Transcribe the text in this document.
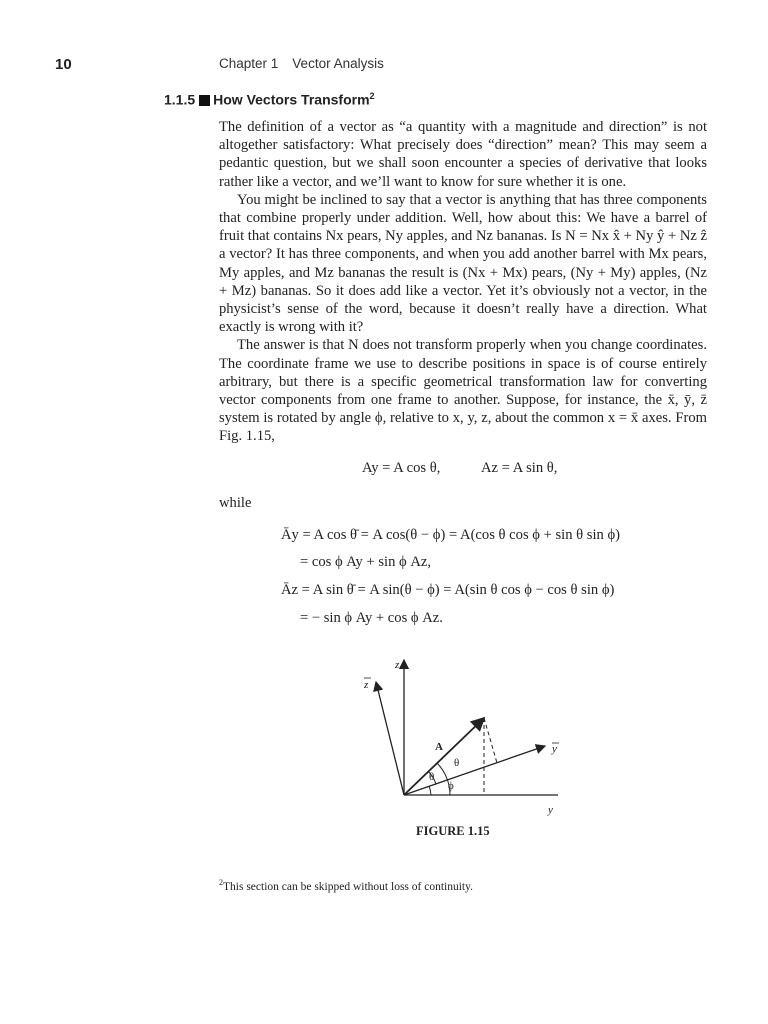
10	Chapter 1 Vector Analysis
1.1.5 How Vectors Transform$^2$

The definition of a vector as “a quantity with a magnitude and direction” is not altogether satisfactory: What precisely does “direction” mean? This may seem a pedantic question, but we shall soon encounter a species of derivative that looks rather like a vector, and we’ll want to know for sure whether it is one.

You might be inclined to say that a vector is anything that has three components that combine properly under addition. Well, how about this: We have a barrel of fruit that contains Nx pears, Ny apples, and Nz bananas. Is N = Nx x̂ + Ny ŷ + Nz ẑ a vector? It has three components, and when you add another barrel with Mx pears, My apples, and Mz bananas the result is (Nx + Mx) pears, (Ny + My) apples, (Nz + Mz) bananas. So it does add like a vector. Yet it’s obviously not a vector, in the physicist’s sense of the word, because it doesn’t really have a direction. What exactly is wrong with it?

The answer is that N does not transform properly when you change coordinates. The coordinate frame we use to describe positions in space is of course entirely arbitrary, but there is a specific geometrical transformation law for converting vector components from one frame to another. Suppose, for instance, the x̄, ȳ, z̄ system is rotated by angle ϕ, relative to x, y, z, about the common x = x̄ axes. From Fig. 1.15,

Ay = A cos θ,	Az = A sin θ,
while
Āy = A cos θ̄ = A cos(θ − ϕ) = A(cos θ cos ϕ + sin θ sin ϕ)
= cos ϕ Ay + sin ϕ Az,
Āz = A sin θ̄ = A sin(θ − ϕ) = A(sin θ cos ϕ − cos θ sin ϕ)
= − sin ϕ Ay + cos ϕ Az.
z
z
y
y
A
θ
θ
ϕ
FIGURE 1.15
$^2$This section can be skipped without loss of continuity.
